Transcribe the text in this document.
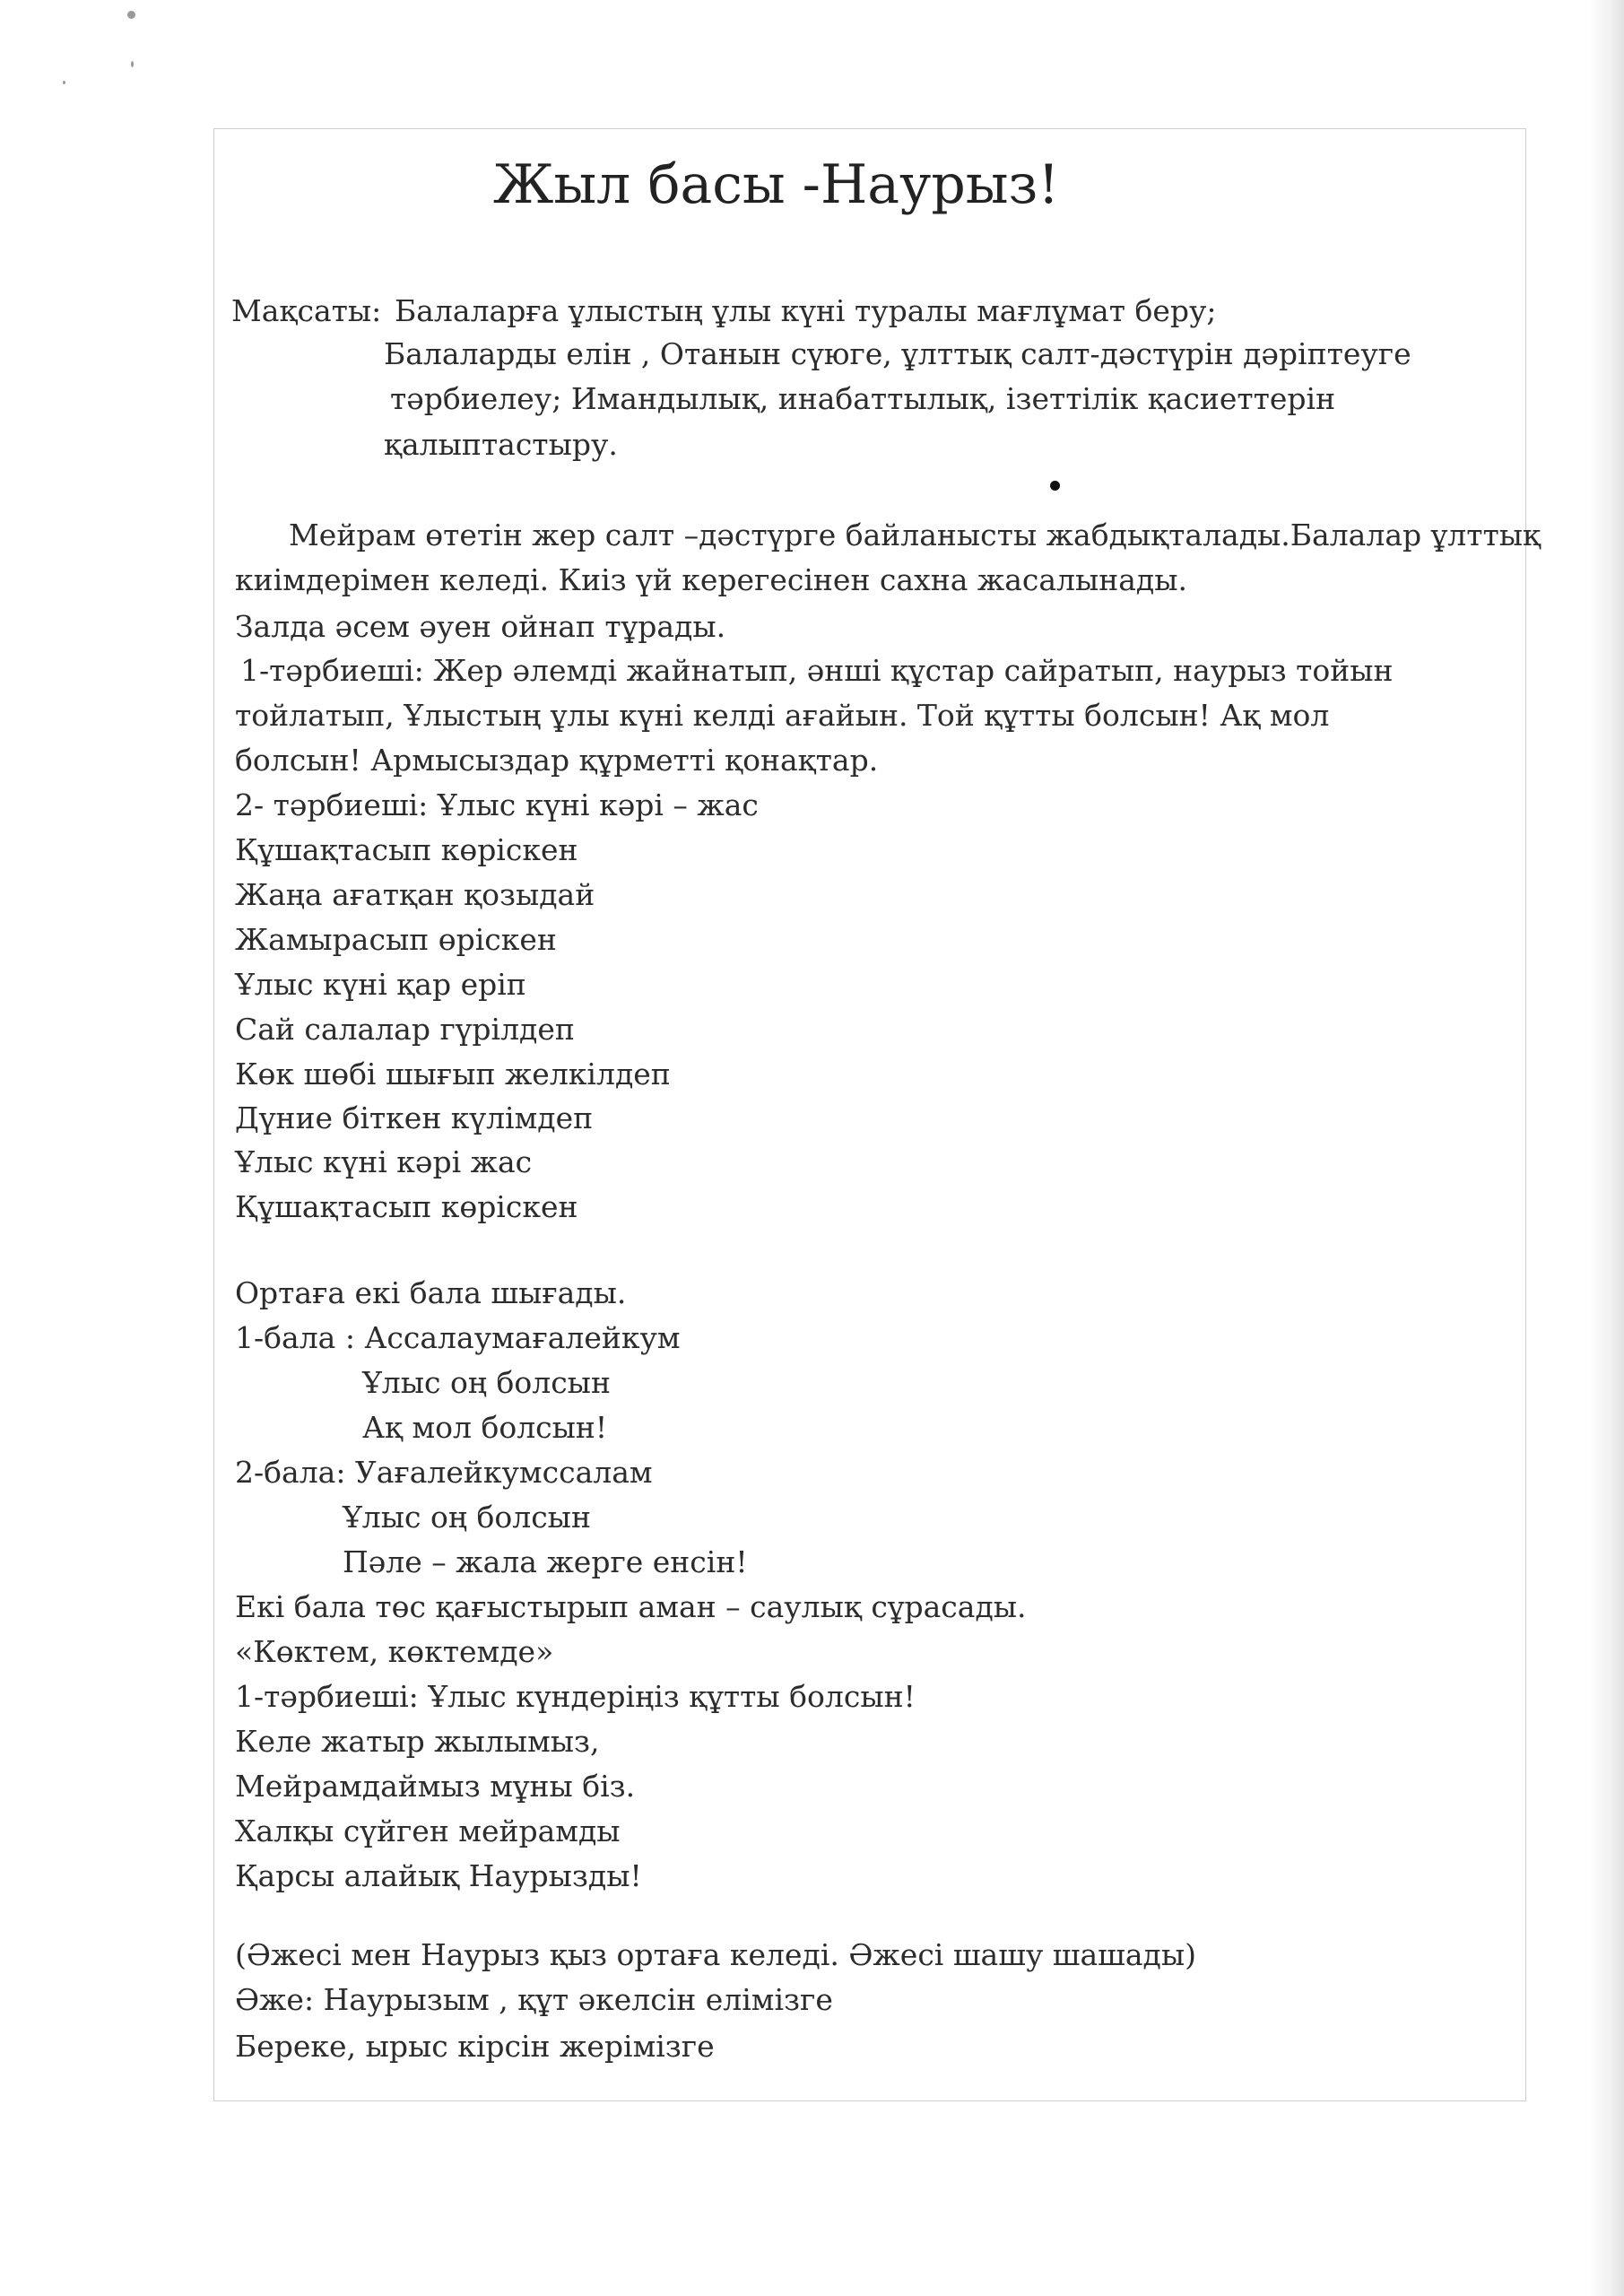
Жыл басы -Наурыз!
Мақсаты: Балаларға ұлыстың ұлы күні туралы мағлұмат беру;
Балаларды елін , Отанын сүюге, ұлттық салт-дәстүрін дәріптеуге
тәрбиелеу; Имандылық, инабаттылық, ізеттілік қасиеттерін
қалыптастыру.
Мейрам өтетін жер салт –дәстүрге байланысты жабдықталады.Балалар ұлттық
киімдерімен келеді. Киіз үй керегесінен сахна жасалынады.
Залда әсем әуен ойнап тұрады.
1-тәрбиеші: Жер әлемді жайнатып, әнші құстар сайратып, наурыз тойын
тойлатып, Ұлыстың ұлы күні келді ағайын. Той құтты болсын! Ақ мол
болсын! Армысыздар құрметті қонақтар.
2- тәрбиеші: Ұлыс күні кәрі – жас
Құшақтасып көріскен
Жаңа ағатқан қозыдай
Жамырасып өріскен
Ұлыс күні қар еріп
Сай салалар гүрілдеп
Көк шөбі шығып желкілдеп
Дүние біткен күлімдеп
Ұлыс күні кәрі жас
Құшақтасып көріскен
Ортаға екі бала шығады.
1-бала : Ассалаумағалейкум
Ұлыс оң болсын
Ақ мол болсын!
2-бала: Уағалейкумссалам
Ұлыс оң болсын
Пәле – жала жерге енсін!
Екі бала төс қағыстырып аман – саулық сұрасады.
«Көктем, көктемде»
1-тәрбиеші: Ұлыс күндеріңіз құтты болсын!
Келе жатыр жылымыз,
Мейрамдаймыз мұны біз.
Халқы сүйген мейрамды
Қарсы алайық Наурызды!
(Әжесі мен Наурыз қыз ортаға келеді. Әжесі шашу шашады)
Әже: Наурызым , құт әкелсін елімізге
Береке, ырыс кірсін жерімізге
